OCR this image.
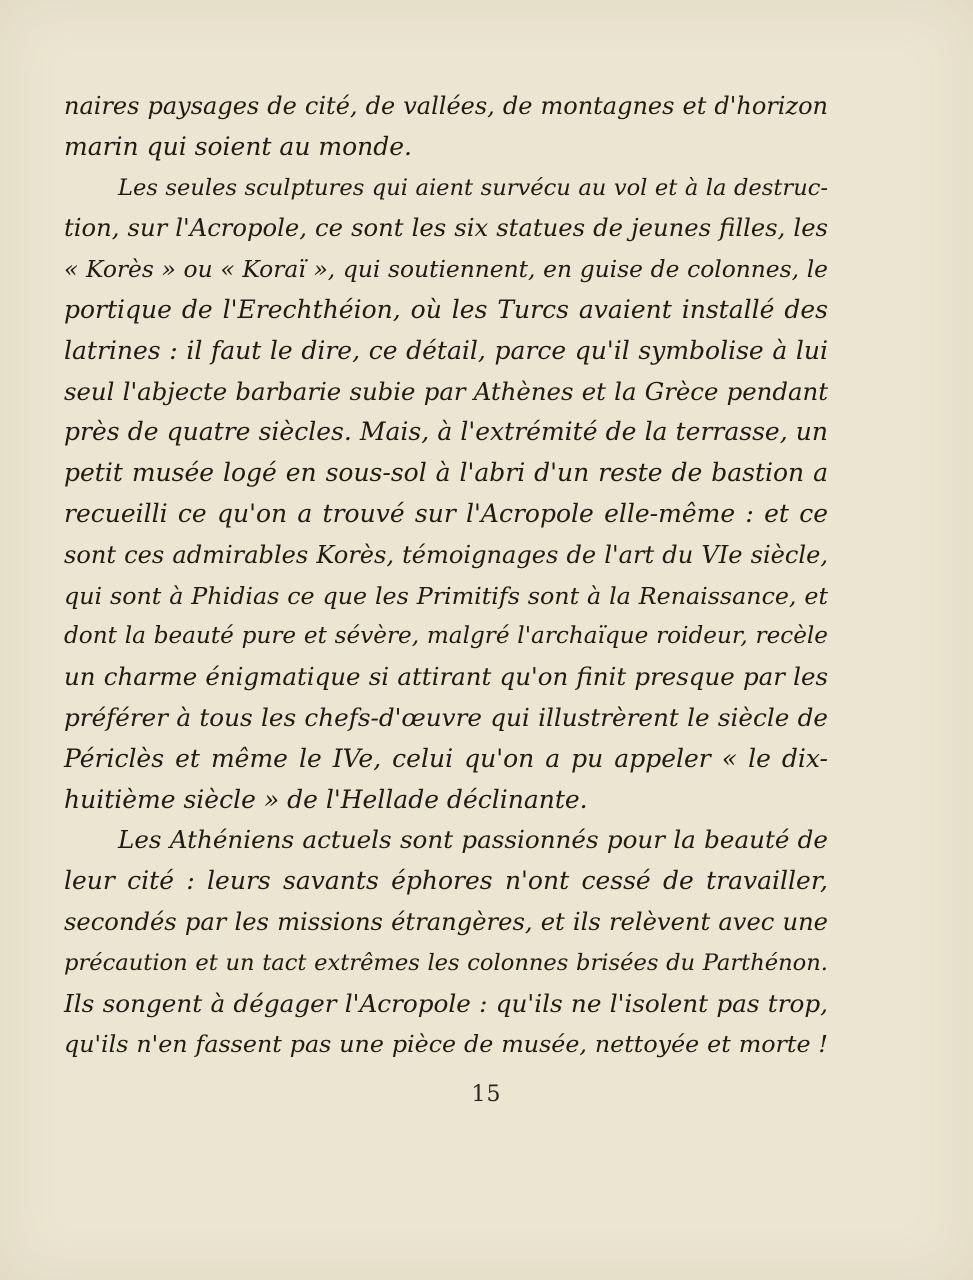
naires paysages de cité, de vallées, de montagnes et d'horizon
marin qui soient au monde.
Les seules sculptures qui aient survécu au vol et à la destruc-
tion, sur l'Acropole, ce sont les six statues de jeunes filles, les
« Korès » ou « Koraï », qui soutiennent, en guise de colonnes, le
portique de l'Erechthéion, où les Turcs avaient installé des
latrines : il faut le dire, ce détail, parce qu'il symbolise à lui
seul l'abjecte barbarie subie par Athènes et la Grèce pendant
près de quatre siècles. Mais, à l'extrémité de la terrasse, un
petit musée logé en sous-sol à l'abri d'un reste de bastion a
recueilli ce qu'on a trouvé sur l'Acropole elle-même : et ce
sont ces admirables Korès, témoignages de l'art du VIe siècle,
qui sont à Phidias ce que les Primitifs sont à la Renaissance, et
dont la beauté pure et sévère, malgré l'archaïque roideur, recèle
un charme énigmatique si attirant qu'on finit presque par les
préférer à tous les chefs-d'œuvre qui illustrèrent le siècle de
Périclès et même le IVe, celui qu'on a pu appeler « le dix-
huitième siècle » de l'Hellade déclinante.
Les Athéniens actuels sont passionnés pour la beauté de
leur cité : leurs savants éphores n'ont cessé de travailler,
secondés par les missions étrangères, et ils relèvent avec une
précaution et un tact extrêmes les colonnes brisées du Parthénon.
Ils songent à dégager l'Acropole : qu'ils ne l'isolent pas trop,
qu'ils n'en fassent pas une pièce de musée, nettoyée et morte !
15
